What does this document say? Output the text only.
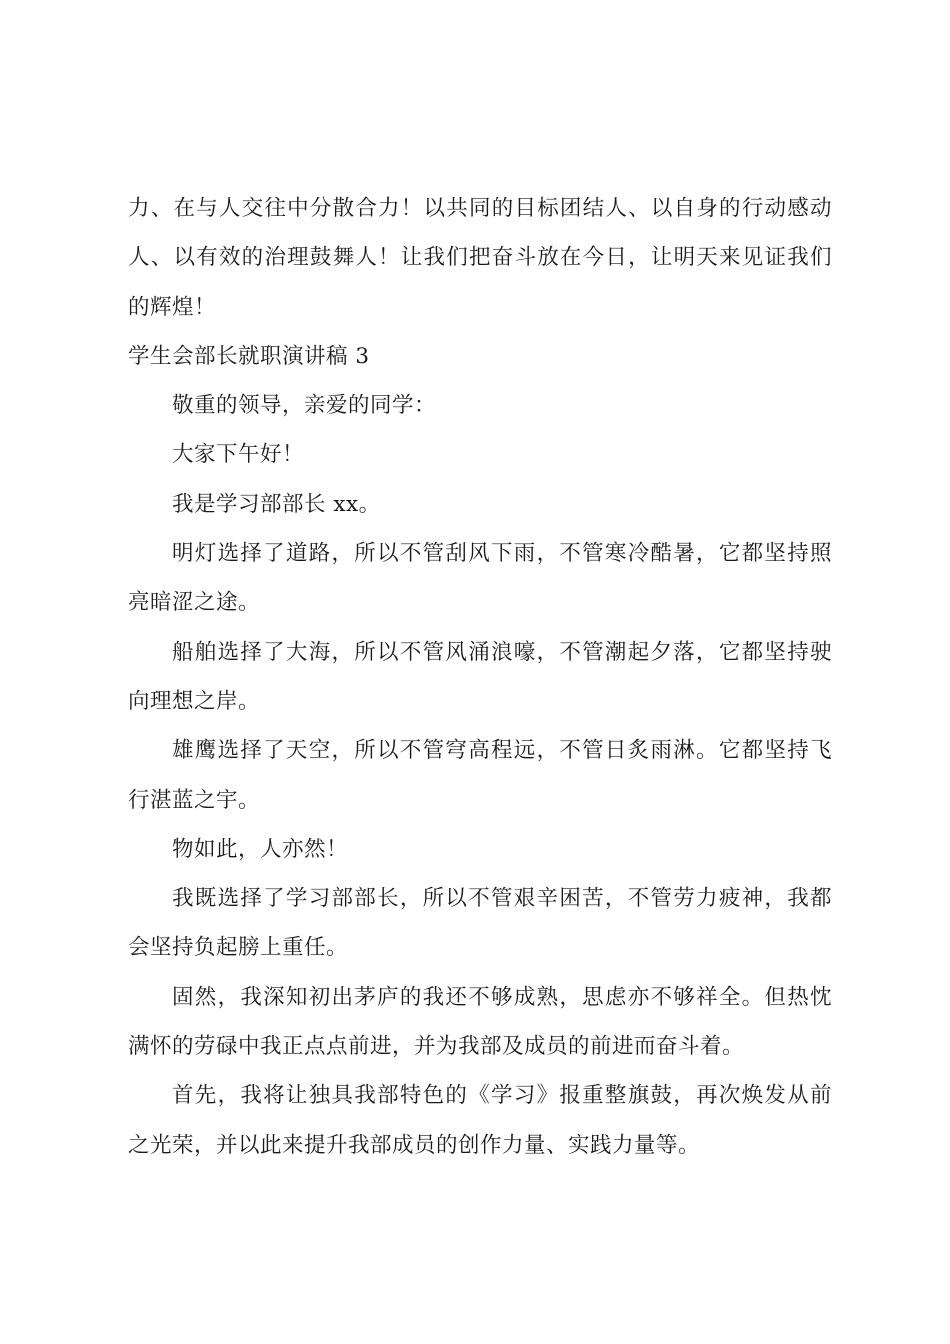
力、在与人交往中分散合力！以共同的目标团结人、以自身的行动感动
人、以有效的治理鼓舞人！让我们把奋斗放在今日，让明天来见证我们
的辉煌！
学生会部长就职演讲稿 3
敬重的领导，亲爱的同学：
大家下午好！
我是学习部部长 xx。
明灯选择了道路，所以不管刮风下雨，不管寒冷酷暑，它都坚持照
亮暗涩之途。
船舶选择了大海，所以不管风涌浪嚎，不管潮起夕落，它都坚持驶
向理想之岸。
雄鹰选择了天空，所以不管穹高程远，不管日炙雨淋。它都坚持飞
行湛蓝之宇。
物如此，人亦然！
我既选择了学习部部长，所以不管艰辛困苦，不管劳力疲神，我都
会坚持负起膀上重任。
固然，我深知初出茅庐的我还不够成熟，思虑亦不够祥全。但热忱
满怀的劳碌中我正点点前进，并为我部及成员的前进而奋斗着。
首先，我将让独具我部特色的《学习》报重整旗鼓，再次焕发从前
之光荣，并以此来提升我部成员的创作力量、实践力量等。
